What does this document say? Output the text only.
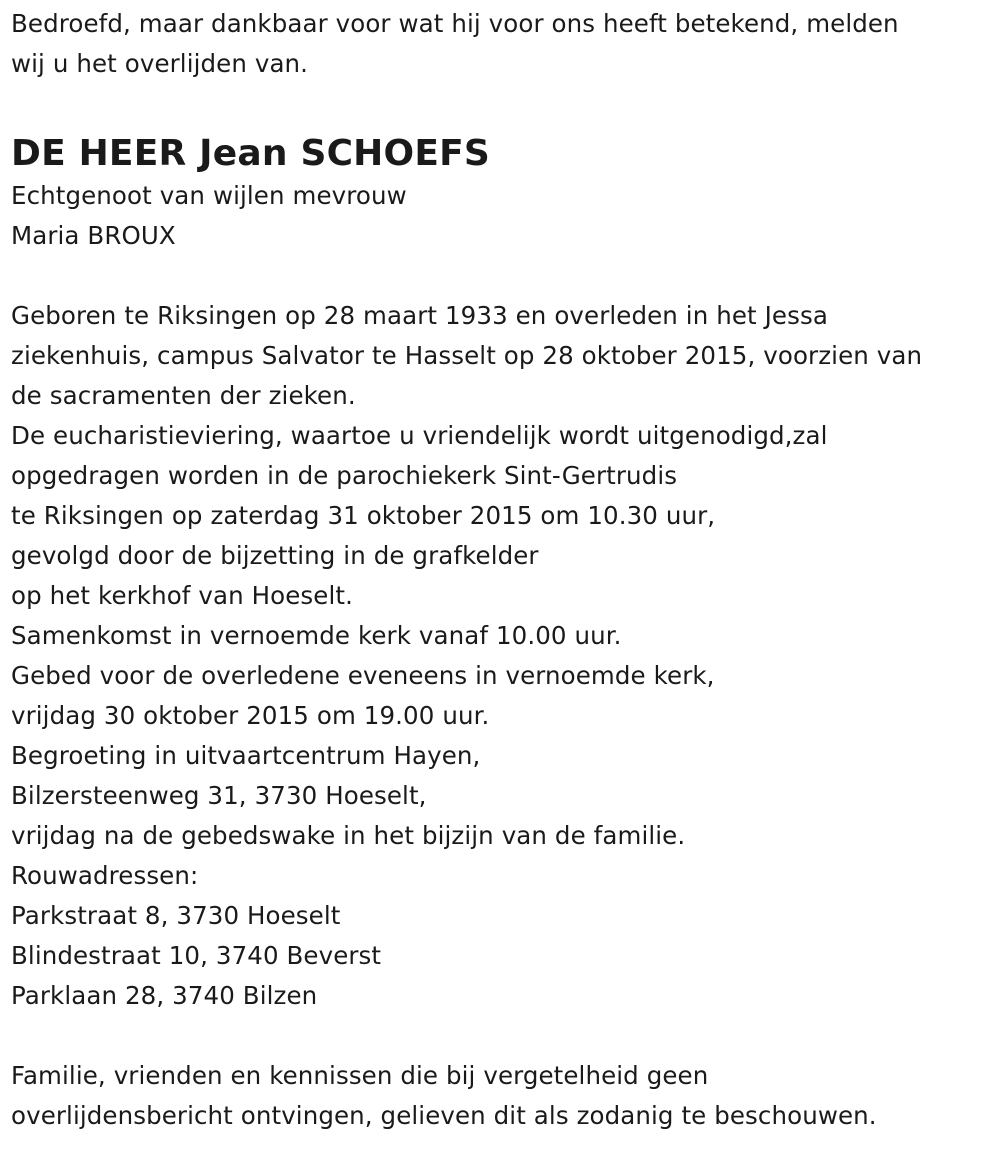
Bedroefd, maar dankbaar voor wat hij voor ons heeft betekend, melden
wij u het overlijden van.
DE HEER Jean SCHOEFS
Echtgenoot van wijlen mevrouw
Maria BROUX
Geboren te Riksingen op 28 maart 1933 en overleden in het Jessa
ziekenhuis, campus Salvator te Hasselt op 28 oktober 2015, voorzien van
de sacramenten der zieken.
De eucharistieviering, waartoe u vriendelijk wordt uitgenodigd,zal
opgedragen worden in de parochiekerk Sint-Gertrudis
te Riksingen op zaterdag 31 oktober 2015 om 10.30 uur,
gevolgd door de bijzetting in de grafkelder
op het kerkhof van Hoeselt.
Samenkomst in vernoemde kerk vanaf 10.00 uur.
Gebed voor de overledene eveneens in vernoemde kerk,
vrijdag 30 oktober 2015 om 19.00 uur.
Begroeting in uitvaartcentrum Hayen,
Bilzersteenweg 31, 3730 Hoeselt,
vrijdag na de gebedswake in het bijzijn van de familie.
Rouwadressen:
Parkstraat 8, 3730 Hoeselt
Blindestraat 10, 3740 Beverst
Parklaan 28, 3740 Bilzen
Familie, vrienden en kennissen die bij vergetelheid geen
overlijdensbericht ontvingen, gelieven dit als zodanig te beschouwen.
